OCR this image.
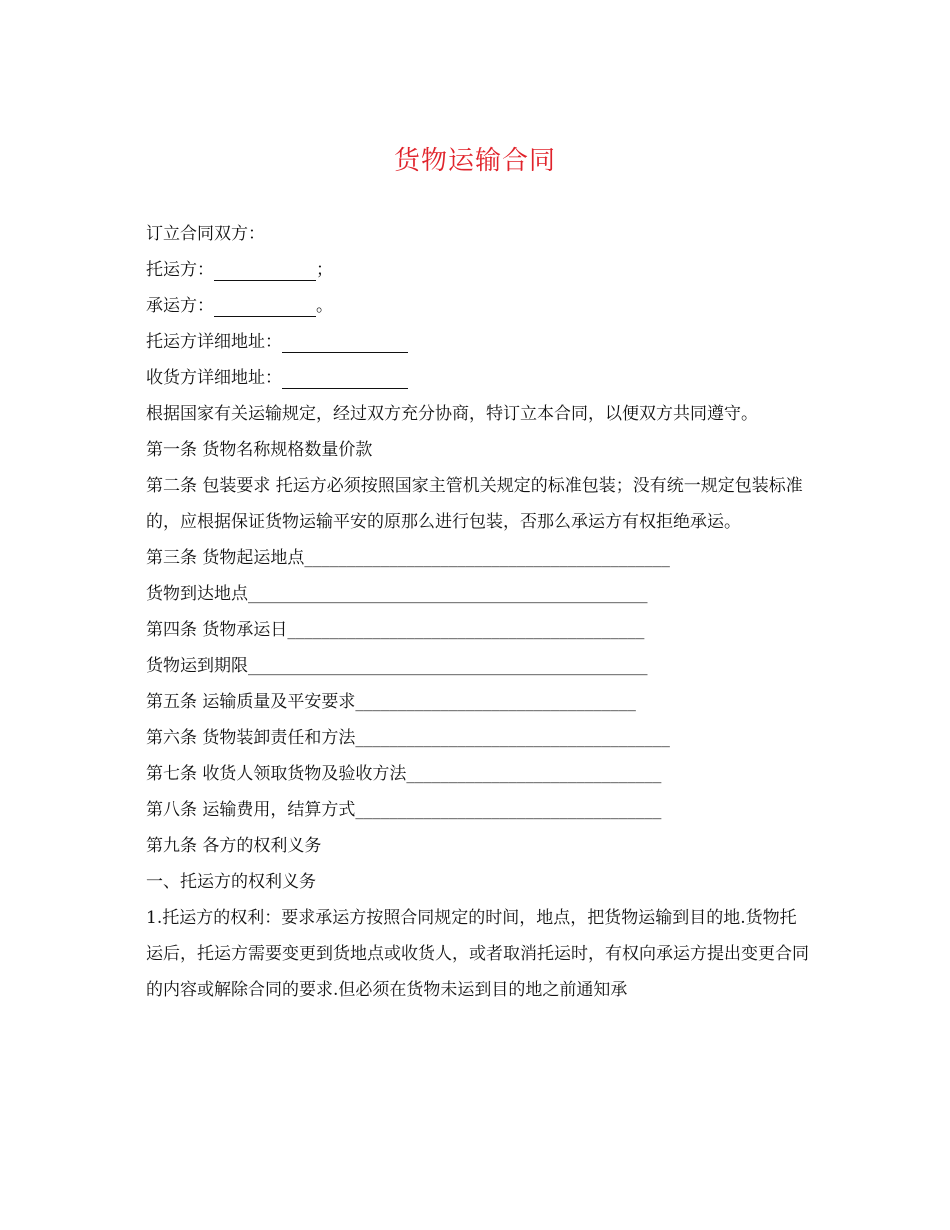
货物运输合同
订立合同双方：
托运方：	；
承运方：	。
托运方详细地址：
收货方详细地址：
根据国家有关运输规定，经过双方充分协商，特订立本合同，以便双方共同遵守。
第一条 货物名称规格数量价款
第二条 包装要求 托运方必须按照国家主管机关规定的标准包装；没有统一规定包装标准的，应根据保证货物运输平安的原那么进行包装，否那么承运方有权拒绝承运。
第三条 货物起运地点___________________________________________
货物到达地点_______________________________________________
第四条 货物承运日__________________________________________
货物运到期限_______________________________________________
第五条 运输质量及平安要求_________________________________
第六条 货物装卸责任和方法_____________________________________
第七条 收货人领取货物及验收方法______________________________
第八条 运输费用，结算方式____________________________________
第九条 各方的权利义务
一、托运方的权利义务
1.托运方的权利：要求承运方按照合同规定的时间，地点，把货物运输到目的地.货物托运后，托运方需要变更到货地点或收货人，或者取消托运时，有权向承运方提出变更合同的内容或解除合同的要求.但必须在货物未运到目的地之前通知承
